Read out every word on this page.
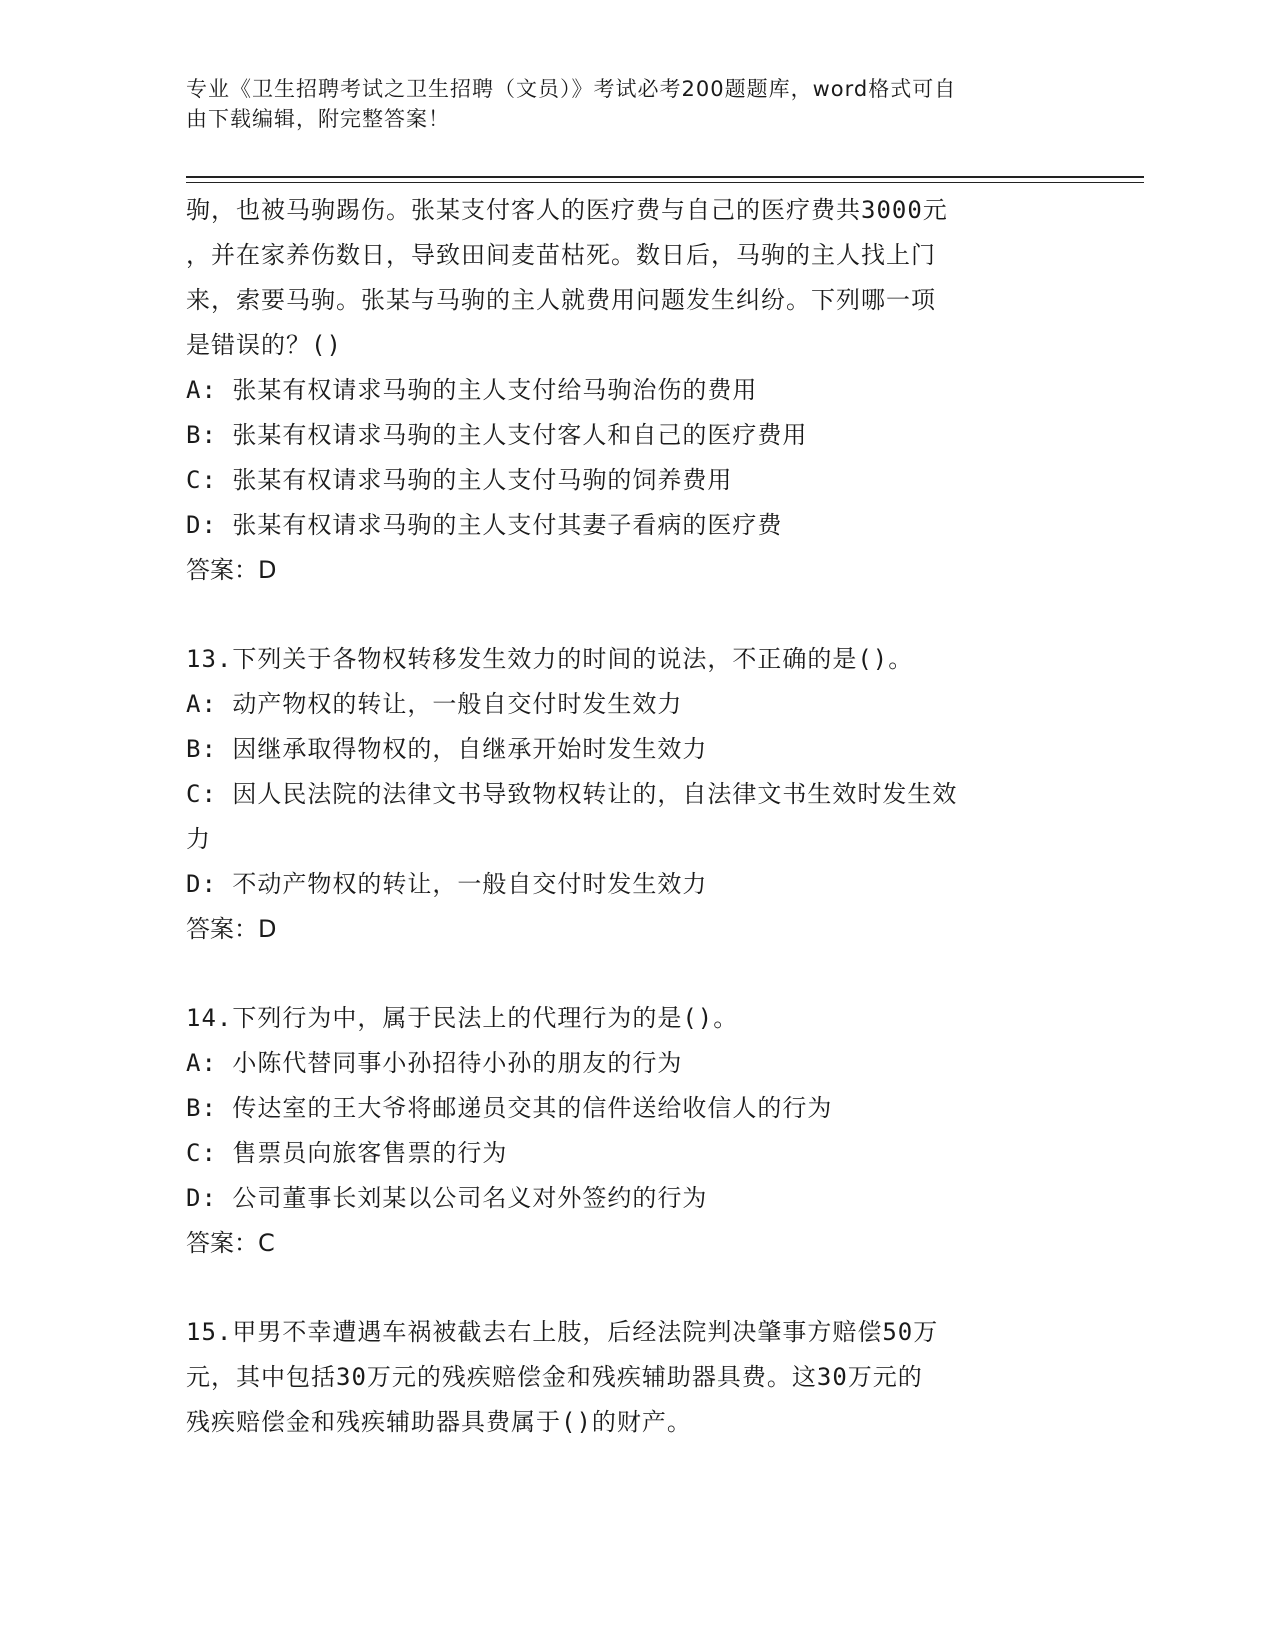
专业《卫生招聘考试之卫生招聘（文员）》考试必考200题题库，word格式可自
由下载编辑，附完整答案！
驹，也被马驹踢伤。张某支付客人的医疗费与自己的医疗费共3000元
，并在家养伤数日，导致田间麦苗枯死。数日后，马驹的主人找上门
来，索要马驹。张某与马驹的主人就费用问题发生纠纷。下列哪一项
是错误的？()
A: 张某有权请求马驹的主人支付给马驹治伤的费用
B: 张某有权请求马驹的主人支付客人和自己的医疗费用
C: 张某有权请求马驹的主人支付马驹的饲养费用
D: 张某有权请求马驹的主人支付其妻子看病的医疗费
答案：D
13.下列关于各物权转移发生效力的时间的说法，不正确的是()。
A: 动产物权的转让，一般自交付时发生效力
B: 因继承取得物权的，自继承开始时发生效力
C: 因人民法院的法律文书导致物权转让的，自法律文书生效时发生效
力
D: 不动产物权的转让，一般自交付时发生效力
答案：D
14.下列行为中，属于民法上的代理行为的是()。
A: 小陈代替同事小孙招待小孙的朋友的行为
B: 传达室的王大爷将邮递员交其的信件送给收信人的行为
C: 售票员向旅客售票的行为
D: 公司董事长刘某以公司名义对外签约的行为
答案：C
15.甲男不幸遭遇车祸被截去右上肢，后经法院判决肇事方赔偿50万
元，其中包括30万元的残疾赔偿金和残疾辅助器具费。这30万元的
残疾赔偿金和残疾辅助器具费属于()的财产。
